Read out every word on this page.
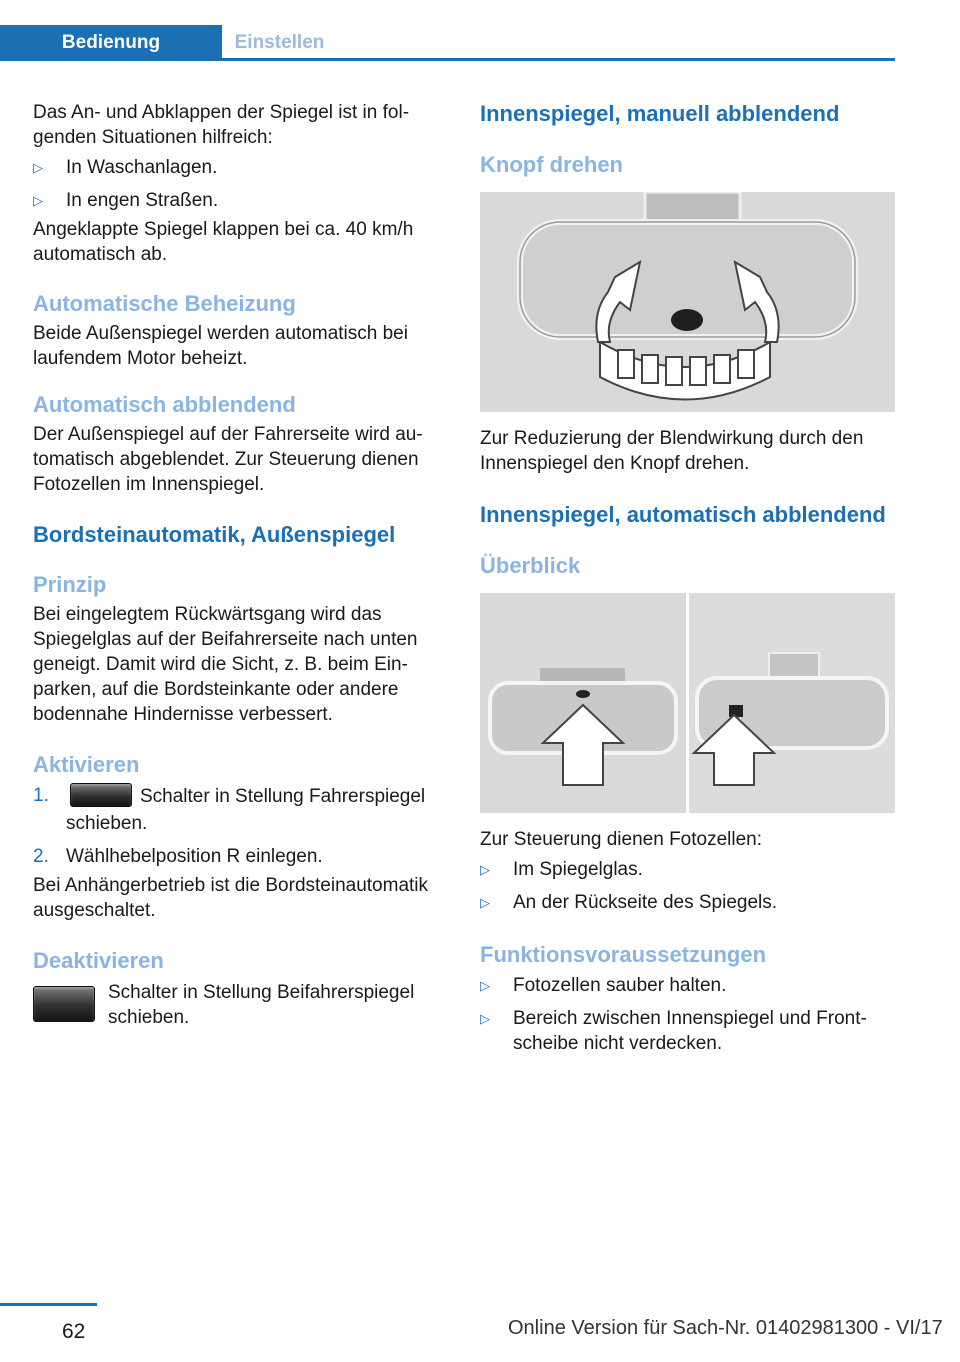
Bedienung	Einstellen

Das An- und Abklappen der Spiegel ist in folgenden Situationen hilfreich:

▷ In Waschanlagen.
▷ In engen Straßen.

Angeklappte Spiegel klappen bei ca. 40 km/h automatisch ab.

Automatische Beheizung

Beide Außenspiegel werden automatisch bei laufendem Motor beheizt.

Automatisch abblendend

Der Außenspiegel auf der Fahrerseite wird automatisch abgeblendet. Zur Steuerung dienen Fotozellen im Innenspiegel.

Bordsteinautomatik, Außenspiegel
Prinzip

Bei eingelegtem Rückwärtsgang wird das Spiegelglas auf der Beifahrerseite nach unten geneigt. Damit wird die Sicht, z. B. beim Einparken, auf die Bordsteinkante oder andere bodennahe Hindernisse verbessert.

Aktivieren
1.	Schalter in Stellung Fahrerspiegel schieben.
2. Wählhebelposition R einlegen.

Bei Anhängerbetrieb ist die Bordsteinautomatik ausgeschaltet.

Deaktivieren

Schalter in Stellung Beifahrerspiegel schieben.

Innenspiegel, manuell abblendend
Knopf drehen

Zur Reduzierung der Blendwirkung durch den Innenspiegel den Knopf drehen.

Innenspiegel, automatisch abblendend
Überblick

Zur Steuerung dienen Fotozellen:

▷ Im Spiegelglas.
▷ An der Rückseite des Spiegels.
Funktionsvoraussetzungen
▷ Fotozellen sauber halten.
▷ Bereich zwischen Innenspiegel und Frontscheibe nicht verdecken.
62	Online Version für Sach-Nr. 01402981300 - VI/17
